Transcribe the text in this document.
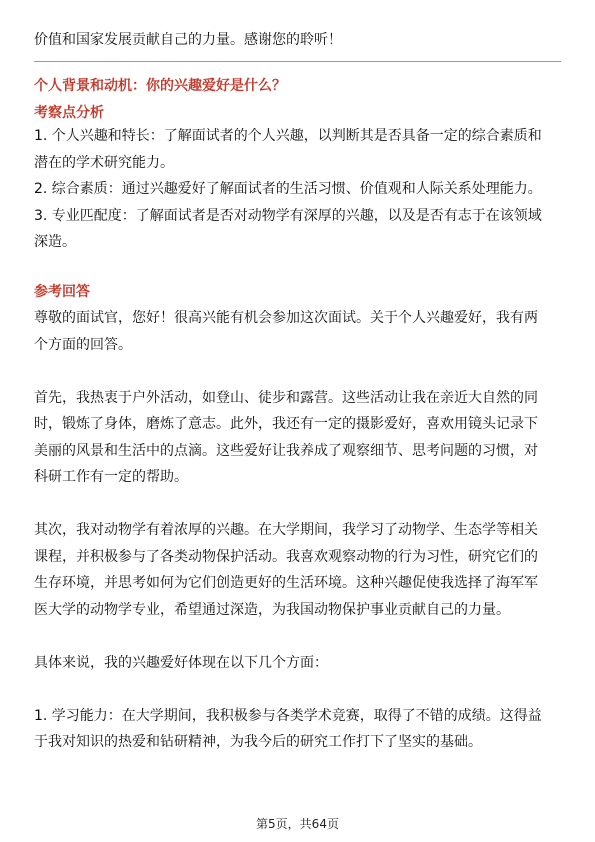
价值和国家发展贡献自己的力量。感谢您的聆听！

个人背景和动机：你的兴趣爱好是什么？

考察点分析

1. 个人兴趣和特长：了解面试者的个人兴趣，以判断其是否具备一定的综合素质和

潜在的学术研究能力。

2. 综合素质：通过兴趣爱好了解面试者的生活习惯、价值观和人际关系处理能力。

3. 专业匹配度：了解面试者是否对动物学有深厚的兴趣，以及是否有志于在该领域

深造。

参考回答

尊敬的面试官，您好！很高兴能有机会参加这次面试。关于个人兴趣爱好，我有两

个方面的回答。

首先，我热衷于户外活动，如登山、徒步和露营。这些活动让我在亲近大自然的同

时，锻炼了身体，磨炼了意志。此外，我还有一定的摄影爱好，喜欢用镜头记录下

美丽的风景和生活中的点滴。这些爱好让我养成了观察细节、思考问题的习惯，对

科研工作有一定的帮助。

其次，我对动物学有着浓厚的兴趣。在大学期间，我学习了动物学、生态学等相关

课程，并积极参与了各类动物保护活动。我喜欢观察动物的行为习性，研究它们的

生存环境，并思考如何为它们创造更好的生活环境。这种兴趣促使我选择了海军军

医大学的动物学专业，希望通过深造，为我国动物保护事业贡献自己的力量。

具体来说，我的兴趣爱好体现在以下几个方面：

1. 学习能力：在大学期间，我积极参与各类学术竞赛，取得了不错的成绩。这得益

于我对知识的热爱和钻研精神，为我今后的研究工作打下了坚实的基础。

第5页，共64页
